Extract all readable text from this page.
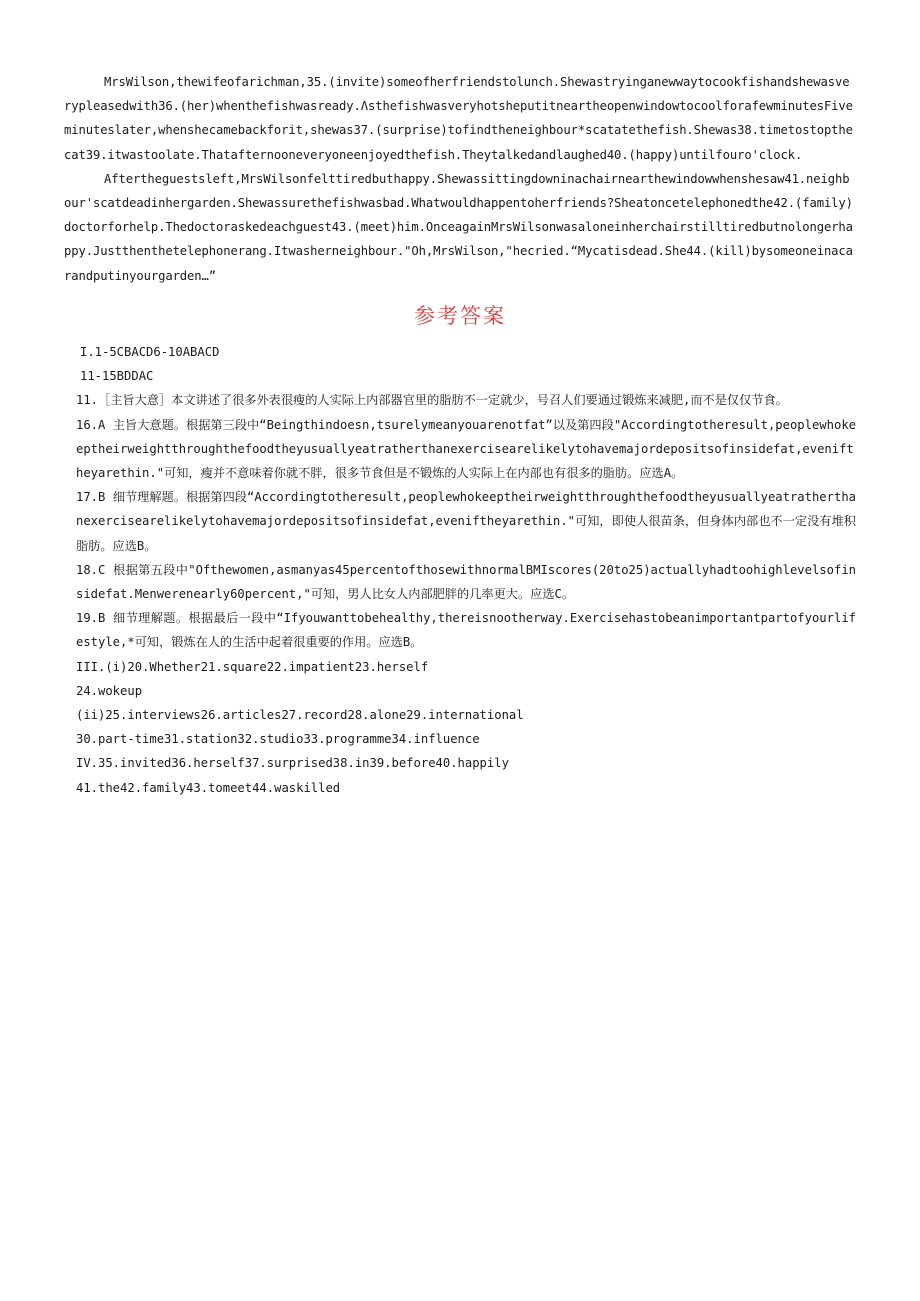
MrsWilson,thewifeofarichman,35.(invite)someofherfriendstolunch.Shewastryinganewwaytocookfishandshewasverypleasedwith36.(her)whenthefishwasready.ΛsthefishwasveryhotsheputitneartheopenwindowtocoolforafewminutesFiveminuteslater,whenshecamebackforit,shewas37.(surprise)tofindtheneighbour*scatatethefish.Shewas38.timetostopthecat39.itwastoolate.Thatafternooneveryoneenjoyedthefish.Theytalkedandlaughed40.(happy)untilfouro'clock.

Aftertheguestsleft,MrsWilsonfelttiredbuthappy.Shewassittingdowninachairnearthewindowwhenshesaw41.neighbour'scatdeadinhergarden.Shewassurethefishwasbad.Whatwouldhappentoherfriends?Sheatoncetelephonedthe42.(family)doctorforhelp.Thedoctoraskedeachguest43.(meet)him.OnceagainMrsWilsonwasaloneinherchairstilltiredbutnolongerhappy.Justthenthetelephonerang.Itwasherneighbour."Oh,MrsWilson,"hecried.“Mycatisdead.She44.(kill)bysomeoneinacarandputinyourgarden…”

参考答案
I.1-5CBACD6-10ABACD
11-15BDDAC
11.［主旨大意］本文讲述了很多外表很瘦的人实际上内部器官里的脂肪不一定就少，号召人们要通过锻炼来减肥,而不是仅仅节食。
16.A 主旨大意题。根据第三段中“Beingthindoesn,tsurelymeanyouarenotfat”以及第四段"Accordingtotheresult,peoplewhokeeptheirweightthroughthefoodtheyusuallyeatratherthanexercisearelikelytohavemajordepositsofinsidefat,eveniftheyarethin."可知，瘦并不意味着你就不胖，很多节食但是不锻炼的人实际上在内部也有很多的脂肪。应选A。
17.B 细节理解题。根据第四段“Accordingtotheresult,peoplewhokeeptheirweightthroughthefoodtheyusuallyeatratherthanexercisearelikelytohavemajordepositsofinsidefat,eveniftheyarethin."可知，即使人很苗条，但身体内部也不一定没有堆积脂肪。应选B。
18.C 根据第五段中"Ofthewomen,asmanyas45percentofthosewithnormalBMIscores(20to25)actuallyhadtoohighlevelsofinsidefat.Menwerenearly60percent,"可知，男人比女人内部肥胖的几率更大。应选C。
19.B 细节理解题。根据最后一段中“Ifyouwanttobehealthy,thereisnootherway.Exercisehastobeanimportantpartofyourlifestyle,*可知，锻炼在人的生活中起着很重要的作用。应选B。
III.(i)20.Whether21.square22.impatient23.herself
24.wokeup
(ii)25.interviews26.articles27.record28.alone29.international
30.part-time31.station32.studio33.programme34.influence
IV.35.invited36.herself37.surprised38.in39.before40.happily
41.the42.family43.tomeet44.waskilled
